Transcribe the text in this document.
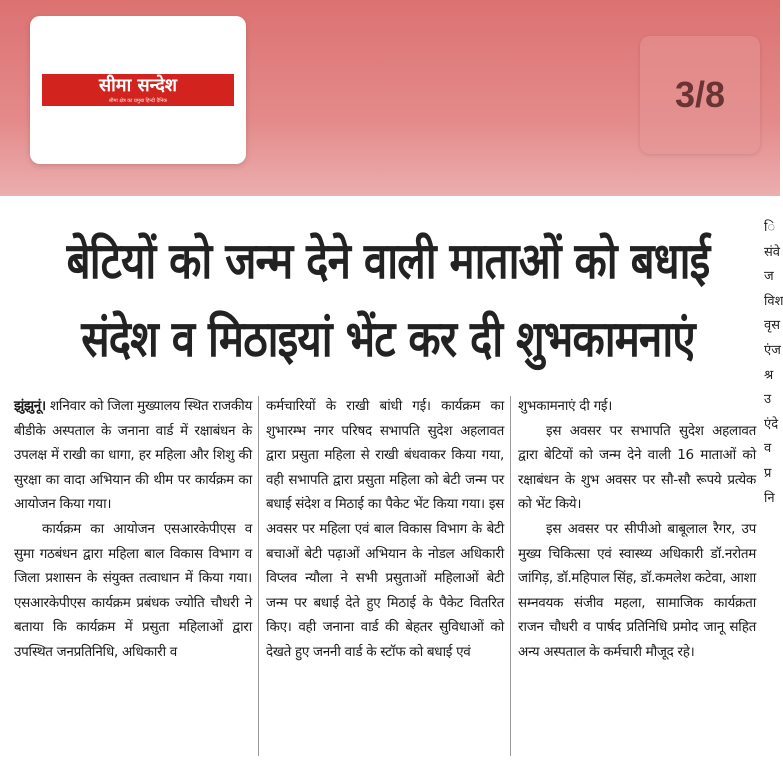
सीमा सन्देश
सीमा क्षेत्र का प्रमुख हिन्दी दैनिक	3/8
बेटियों को जन्म देने वाली माताओं को बधाई
संदेश व मिठाइयां भेंट कर दी शुभकामनाएं

झुंझुनूं। शनिवार को जिला मुख्यालय स्थित राजकीय बीडीके अस्पताल के जनाना वार्ड में रक्षाबंधन के उपलक्ष में राखी का धागा, हर महिला और शिशु की सुरक्षा का वादा अभियान की थीम पर कार्यक्रम का आयोजन किया गया।

कार्यक्रम का आयोजन एसआरकेपीएस व सुमा गठबंधन द्वारा महिला बाल विकास विभाग व जिला प्रशासन के संयुक्त तत्वाधान में किया गया। एसआरकेपीएस कार्यक्रम प्रबंधक ज्योति चौधरी ने बताया कि कार्यक्रम में प्रसुता महिलाओं द्वारा उपस्थित जनप्रतिनिधि, अधिकारी व

कर्मचारियों के राखी बांधी गई। कार्यक्रम का शुभारम्भ नगर परिषद सभापति सुदेश अहलावत द्वारा प्रसुता महिला से राखी बंधवाकर किया गया, वही सभापति द्वारा प्रसुता महिला को बेटी जन्म पर बधाई संदेश व मिठाई का पैकेट भेंट किया गया। इस अवसर पर महिला एवं बाल विकास विभाग के बेटी बचाओं बेटी पढ़ाओं अभियान के नोडल अधिकारी विप्लव न्यौला ने सभी प्रसुताओं महिलाओं बेटी जन्म पर बधाई देते हुए मिठाई के पैकेट वितरित किए। वही जनाना वार्ड की बेहतर सुविधाओं को देखते हुए जननी वार्ड के स्टॉफ को बधाई एवं

शुभकामनाएं दी गई।

इस अवसर पर सभापति सुदेश अहलावत द्वारा बेटियों को जन्म देने वाली 16 माताओं को रक्षाबंधन के शुभ अवसर पर सौ-सौ रूपये प्रत्येक को भेंट किये।

इस अवसर पर सीपीओ बाबूलाल रैगर, उप मुख्य चिकित्सा एवं स्वास्थ्य अधिकारी डॉ.नरोतम जांगिड़, डॉ.महिपाल सिंह, डॉ.कमलेश कटेवा, आशा सम्नवयक संजीव महला, सामाजिक कार्यक्रता राजन चौधरी व पार्षद प्रतिनिधि प्रमोद जानू सहित अन्य अस्पताल के कर्मचारी मौजूद रहे।

ि संवेजविशवृसएंजश्रउएंदेवप्रनि
